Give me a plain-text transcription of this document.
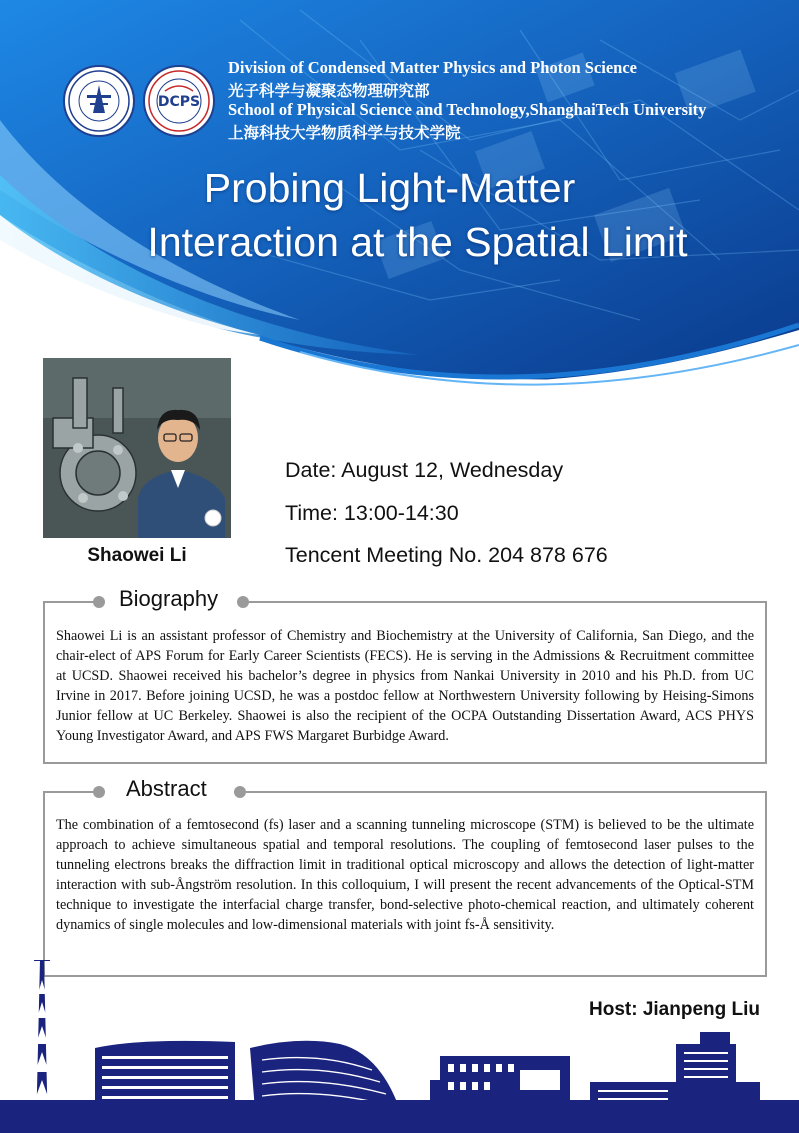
DCPS
Division of Condensed Matter Physics and Photon Science
光子科学与凝聚态物理研究部
School of Physical Science and Technology,ShanghaiTech University
上海科技大学物质科学与技术学院
Probing Light-Matter
Interaction at the Spatial Limit
Shaowei Li
Date: August 12, Wednesday
Time: 13:00-14:30
Tencent Meeting No. 204 878 676
Biography
Shaowei Li is an assistant professor of Chemistry and Biochemistry at the University of California, San Diego, and the chair-elect of APS Forum for Early Career Scientists (FECS). He is serving in the Admissions & Recruitment committee at UCSD. Shaowei received his bachelor’s degree in physics from Nankai University in 2010 and his Ph.D. from UC Irvine in 2017. Before joining UCSD, he was a postdoc fellow at Northwestern University following by Heising-Simons Junior fellow at UC Berkeley. Shaowei is also the recipient of the OCPA Outstanding Dissertation Award, ACS PHYS Young Investigator Award, and APS FWS Margaret Burbidge Award.
Abstract
The combination of a femtosecond (fs) laser and a scanning tunneling microscope (STM) is believed to be the ultimate approach to achieve simultaneous spatial and temporal resolutions. The coupling of femtosecond laser pulses to the tunneling electrons breaks the diffraction limit in traditional optical microscopy and allows the detection of light-matter interaction with sub-Ångström resolution. In this colloquium, I will present the recent advancements of the Optical-STM technique to investigate the interfacial charge transfer, bond-selective photo-chemical reaction, and ultimately coherent dynamics of single molecules and low-dimensional materials with joint fs-Å sensitivity.
Host: Jianpeng Liu
